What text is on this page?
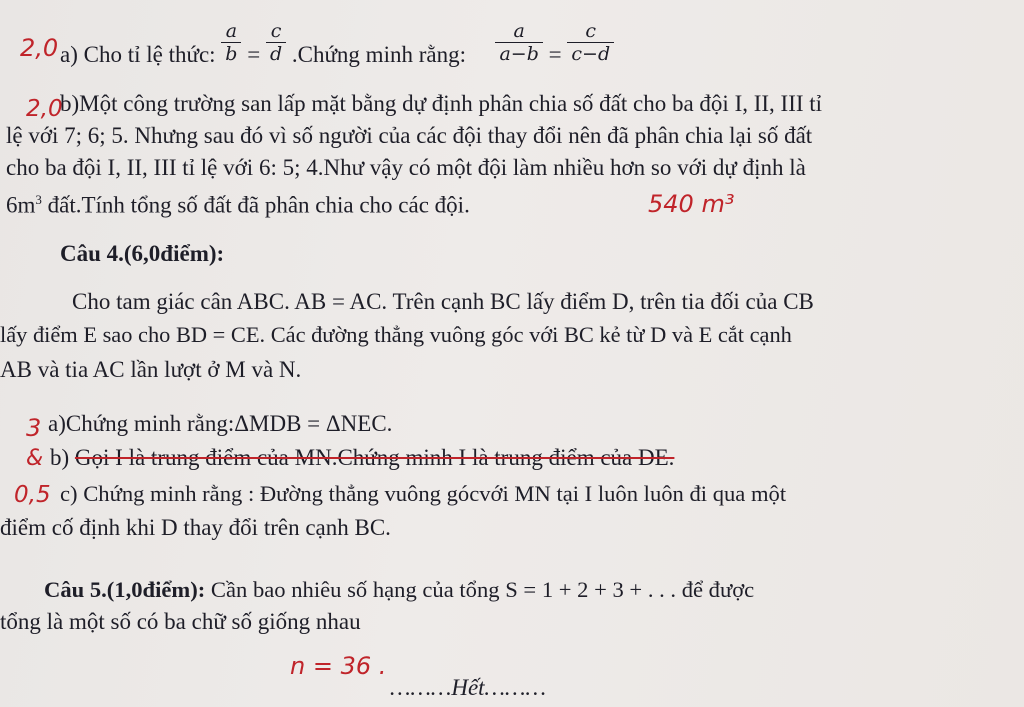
2,0 a) Cho tỉ lệ thức: $\frac{a}{b} = \frac{c}{d}$ .Chứng minh rằng: $\frac{a}{a-b} = \frac{c}{c-d}$
2,0
b)Một công trường san lấp mặt bằng dự định phân chia số đất cho ba đội I, II, III tỉ
lệ với 7; 6; 5. Nhưng sau đó vì số người của các đội thay đổi nên đã phân chia lại số đất
cho ba đội I, II, III tỉ lệ với 6: 5; 4.Như vậy có một đội làm nhiều hơn so với dự định là
$6m^3$ đất.Tính tổng số đất đã phân chia cho các đội.	540 m³
Câu 4.(6,0điểm):
Cho tam giác cân ABC. AB = AC. Trên cạnh BC lấy điểm D, trên tia đối của CB
lấy điểm E sao cho BD = CE. Các đường thẳng vuông góc với BC kẻ từ D và E cắt cạnh
AB và tia AC lần lượt ở M và N.
3 a)Chứng minh rằng:ΔMDB = ΔNEC.
& b) Gọi I là trung điểm của MN.Chứng minh I là trung điểm của DE.
0,5 c) Chứng minh rằng : Đường thẳng vuông gócvới MN tại I luôn luôn đi qua một
điểm cố định khi D thay đổi trên cạnh BC.
Câu 5.(1,0điểm): Cần bao nhiêu số hạng của tổng S = 1 + 2 + 3 + . . . để được
tổng là một số có ba chữ số giống nhau
n = 36 .
………Hết………
